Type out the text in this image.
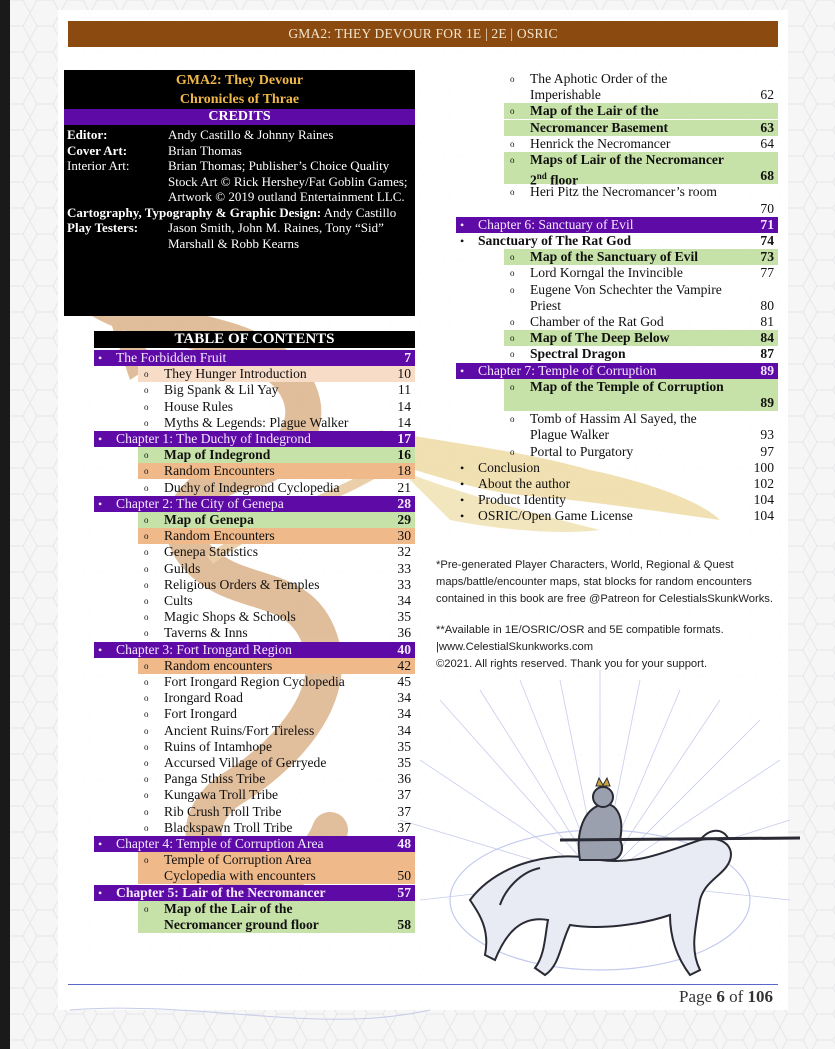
GMA2: THEY DEVOUR FOR 1E | 2E | OSRIC
GMA2: They Devour
Chronicles of Thrae
CREDITS
Editor:	Andy Castillo & Johnny Raines
Cover Art:	Brian Thomas
Interior Art:	Brian Thomas; Publisher’s Choice Quality Stock Art © Rick Hershey/Fat Goblin Games; Artwork © 2019 outland Entertainment LLC.
Cartography, Typography & Graphic Design: Andy Castillo
Play Testers:	Jason Smith, John M. Raines, Tony “Sid” Marshall & Robb Kearns
TABLE OF CONTENTS
• The Forbidden Fruit	7
o They Hunger Introduction	10
o Big Spank & Lil Yay	11
o House Rules	14
o Myths & Legends: Plague Walker	14
• Chapter 1: The Duchy of Indegrond	17
o Map of Indegrond	16
o Random Encounters	18
o Duchy of Indegrond Cyclopedia	21
• Chapter 2: The City of Genepa	28
o Map of Genepa	29
o Random Encounters	30
o Genepa Statistics	32
o Guilds	33
o Religious Orders & Temples	33
o Cults	34
o Magic Shops & Schools	35
o Taverns & Inns	36
• Chapter 3: Fort Irongard Region	40
o Random encounters	42
o Fort Irongard Region Cyclopedia	45
o Irongard Road	34
o Fort Irongard	34
o Ancient Ruins/Fort Tireless	34
o Ruins of Intamhope	35
o Accursed Village of Gerryede	35
o Panga Sthiss Tribe	36
o Kungawa Troll Tribe	37
o Rib Crush Troll Tribe	37
o Blackspawn Troll Tribe	37
• Chapter 4: Temple of Corruption Area	48
o Temple of Corruption Area
Cyclopedia with encounters	50
• Chapter 5: Lair of the Necromancer	57
o Map of the Lair of the
Necromancer ground floor	58
o The Aphotic Order of the
Imperishable	62
o Map of the Lair of the
Necromancer Basement	63
o Henrick the Necromancer	64
o Maps of Lair of the Necromancer
2nd floor	68
o Heri Pitz the Necromancer’s room
70
• Chapter 6: Sanctuary of Evil	71
• Sanctuary of The Rat God	74
o Map of the Sanctuary of Evil	73
o Lord Korngal the Invincible	77
o Eugene Von Schechter the Vampire
Priest	80
o Chamber of the Rat God	81
o Map of The Deep Below	84
o Spectral Dragon	87
• Chapter 7: Temple of Corruption	89
o Map of the Temple of Corruption
89
o Tomb of Hassim Al Sayed, the
Plague Walker	93
o Portal to Purgatory	97
• Conclusion	100
• About the author	102
• Product Identity	104
• OSRIC/Open Game License	104

*Pre-generated Player Characters, World, Regional & Quest maps/battle/encounter maps, stat blocks for random encounters contained in this book are free @Patreon for CelestialsSkunkWorks.

**Available in 1E/OSRIC/OSR and 5E compatible formats.

|www.CelestialSkunkworks.com

©2021. All rights reserved. Thank you for your support.

Page 6 of 106
